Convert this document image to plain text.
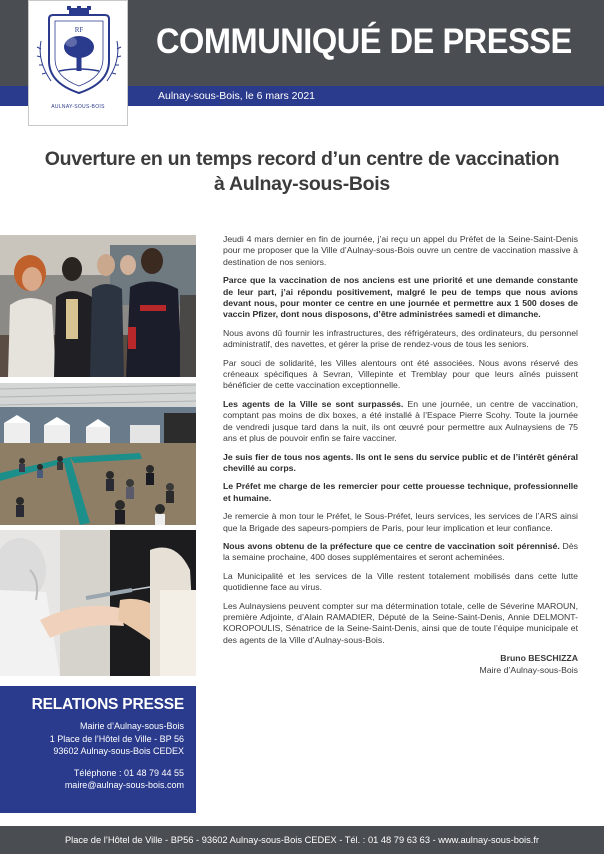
COMMUNIQUÉ DE PRESSE
Aulnay-sous-Bois, le 6 mars 2021
RF
AULNAY-SOUS-BOIS
Ouverture en un temps record d’un centre de vaccination
à Aulnay-sous-Bois

Jeudi 4 mars dernier en fin de journée, j’ai reçu un appel du Préfet de la Seine-Saint-Denis pour me proposer que la Ville d’Aulnay-sous-Bois ouvre un centre de vaccination massive à destination de nos seniors.

Parce que la vaccination de nos anciens est une priorité et une demande constante de leur part, j’ai répondu positivement, malgré le peu de temps que nous avions devant nous, pour monter ce centre en une journée et permettre aux 1 500 doses de vaccin Pfizer, dont nous disposons, d’être administrées samedi et dimanche.

Nous avons dû fournir les infrastructures, des réfrigérateurs, des ordinateurs, du personnel administratif, des navettes, et gérer la prise de rendez-vous de tous les seniors.

Par souci de solidarité, les Villes alentours ont été associées. Nous avons réservé des créneaux spécifiques à Sevran, Villepinte et Tremblay pour que leurs aînés puissent bénéficier de cette vaccination exceptionnelle.

Les agents de la Ville se sont surpassés. En une journée, un centre de vaccination, comptant pas moins de dix boxes, a été installé à l’Espace Pierre Scohy. Toute la journée de vendredi jusque tard dans la nuit, ils ont œuvré pour permettre aux Aulnaysiens de 75 ans et plus de pouvoir enfin se faire vacciner.

Je suis fier de tous nos agents. Ils ont le sens du service public et de l’intérêt général chevillé au corps.

Le Préfet me charge de les remercier pour cette prouesse technique, professionnelle et humaine.

Je remercie à mon tour le Préfet, le Sous-Préfet, leurs services, les services de l’ARS ainsi que la Brigade des sapeurs-pompiers de Paris, pour leur implication et leur confiance.

Nous avons obtenu de la préfecture que ce centre de vaccination soit pérennisé. Dès la semaine prochaine, 400 doses supplémentaires et seront acheminées.

La Municipalité et les services de la Ville restent totalement mobilisés dans cette lutte quotidienne face au virus.

Les Aulnaysiens peuvent compter sur ma détermination totale, celle de Séverine MAROUN, première Adjointe, d’Alain RAMADIER, Député de la Seine-Saint-Denis, Annie DELMONT-KOROPOULIS, Sénatrice de la Seine-Saint-Denis, ainsi que de toute l’équipe municipale et des agents de la Ville d’Aulnay-sous-Bois.

Bruno BESCHIZZA
Maire d’Aulnay-sous-Bois
RELATIONS PRESSE
Mairie d’Aulnay-sous-Bois
1 Place de l’Hôtel de Ville - BP 56
93602 Aulnay-sous-Bois CEDEX
Téléphone : 01 48 79 44 55
maire@aulnay-sous-bois.com
Place de l’Hôtel de Ville - BP56 - 93602 Aulnay-sous-Bois CEDEX - Tél. : 01 48 79 63 63 - www.aulnay-sous-bois.fr
